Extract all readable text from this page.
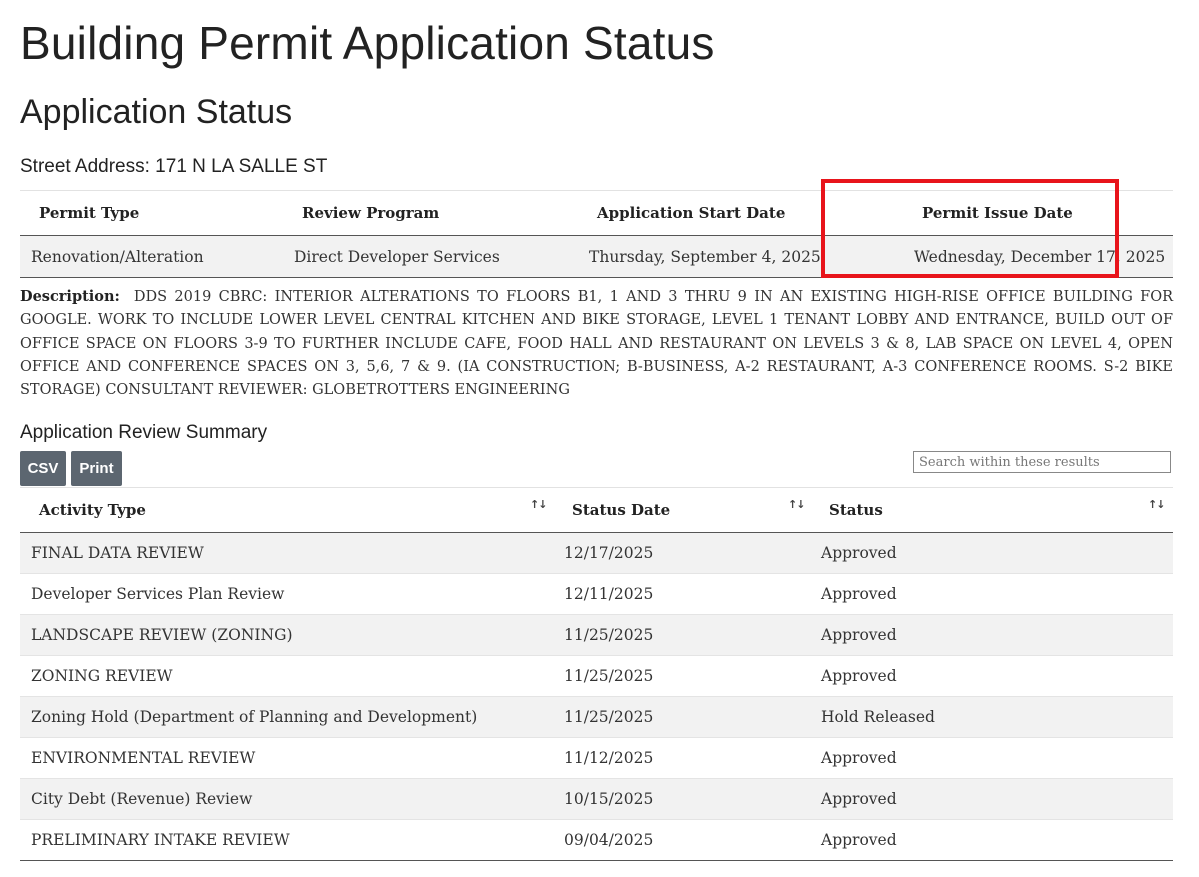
Building Permit Application Status
Application Status
Street Address: 171 N LA SALLE ST
Permit Type	Review Program	Application Start Date	Permit Issue Date
Renovation/Alteration	Direct Developer Services	Thursday, September 4, 2025	Wednesday, December 17, 2025
Description: DDS 2019 CBRC: INTERIOR ALTERATIONS TO FLOORS B1, 1 AND 3 THRU 9 IN AN EXISTING HIGH-RISE OFFICE BUILDING FOR GOOGLE. WORK TO INCLUDE LOWER LEVEL CENTRAL KITCHEN AND BIKE STORAGE, LEVEL 1 TENANT LOBBY AND ENTRANCE, BUILD OUT OF OFFICE SPACE ON FLOORS 3-9 TO FURTHER INCLUDE CAFE, FOOD HALL AND RESTAURANT ON LEVELS 3 & 8, LAB SPACE ON LEVEL 4, OPEN OFFICE AND CONFERENCE SPACES ON 3, 5,6, 7 & 9. (IA CONSTRUCTION; B-BUSINESS, A-2 RESTAURANT, A-3 CONFERENCE ROOMS. S-2 BIKE STORAGE) CONSULTANT REVIEWER: GLOBETROTTERS ENGINEERING
Application Review Summary
CSV	Print
Search within these results
Activity Type ↑↓	Status Date ↑↓	Status ↑↓

FINAL DATA REVIEW	12/17/2025	Approved
Developer Services Plan Review	12/11/2025	Approved
LANDSCAPE REVIEW (ZONING)	11/25/2025	Approved
ZONING REVIEW	11/25/2025	Approved
Zoning Hold (Department of Planning and Development)	11/25/2025	Hold Released
ENVIRONMENTAL REVIEW	11/12/2025	Approved
City Debt (Revenue) Review	10/15/2025	Approved
PRELIMINARY INTAKE REVIEW	09/04/2025	Approved
